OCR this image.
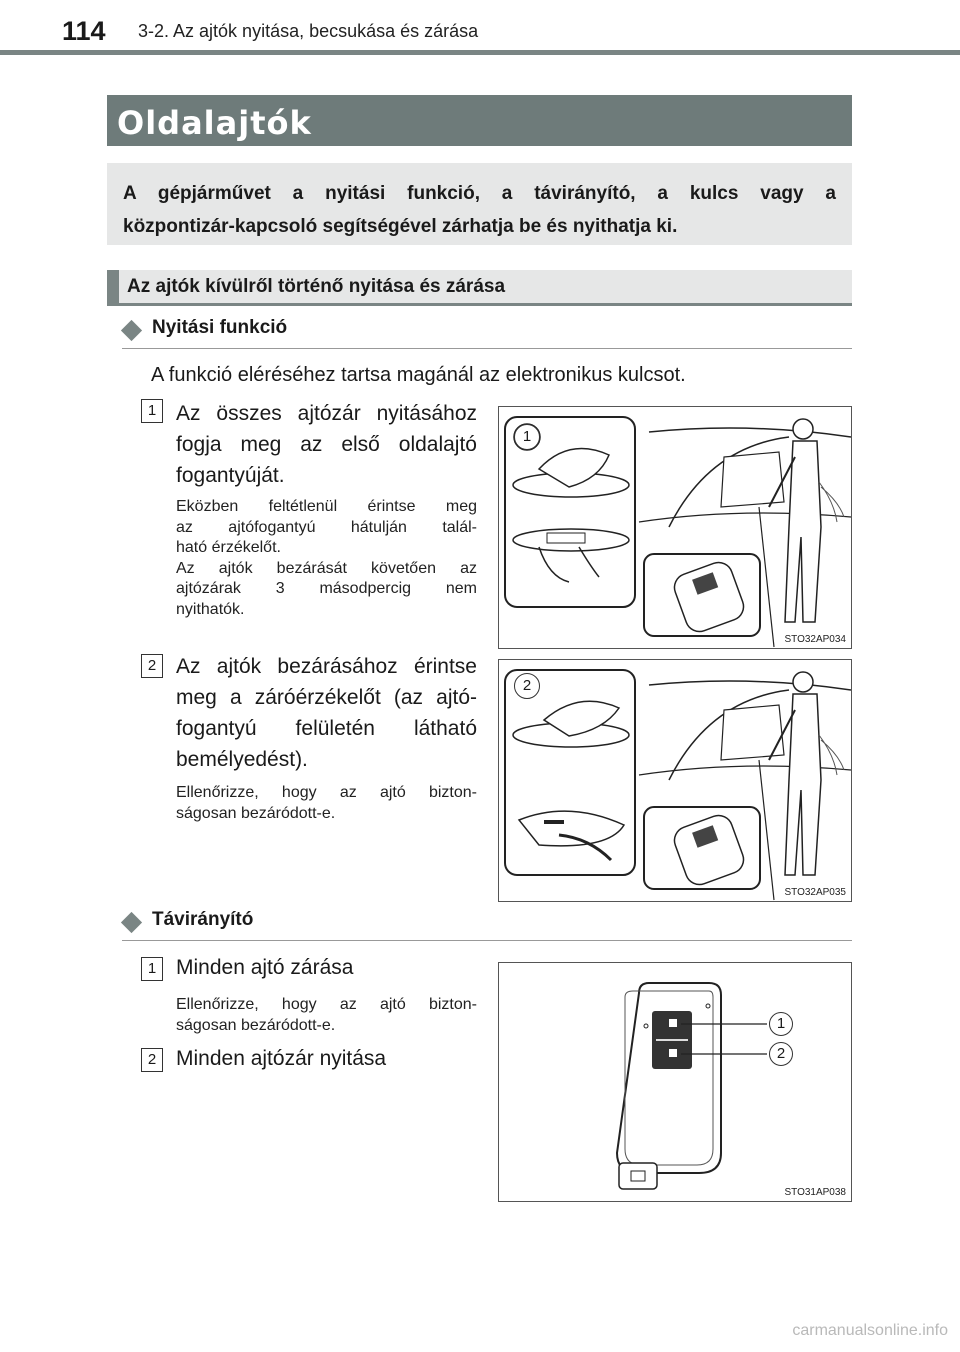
114 3-2. Az ajtók nyitása, becsukása és zárása
Oldalajtók
A gépjárművet a nyitási funkció, a távirányító, a kulcs vagy a
központizár-kapcsoló segítségével zárhatja be és nyithatja ki.
Az ajtók kívülről történő nyitása és zárása
Nyitási funkció
A funkció eléréséhez tartsa magánál az elektronikus kulcsot.
1 Az összes ajtózár nyitásához
fogja meg az első oldalajtó
fogantyúját.
Eközben feltétlenül érintse meg
az ajtófogantyú hátulján talál-
ható érzékelőt.
Az ajtók bezárását követően az
ajtózárak 3 másodpercig nem
nyithatók.
2 Az ajtók bezárásához érintse
meg a záróérzékelőt (az ajtó-
fogantyú felületén látható
bemélyedést).
Ellenőrizze, hogy az ajtó bizton-
ságosan bezáródott-e.
STO32AP034
1
STO32AP035
2
Távirányító
1 Minden ajtó zárása
Ellenőrizze, hogy az ajtó bizton-
ságosan bezáródott-e.
2 Minden ajtózár nyitása
STO31AP038
1
2
carmanualsonline.info
